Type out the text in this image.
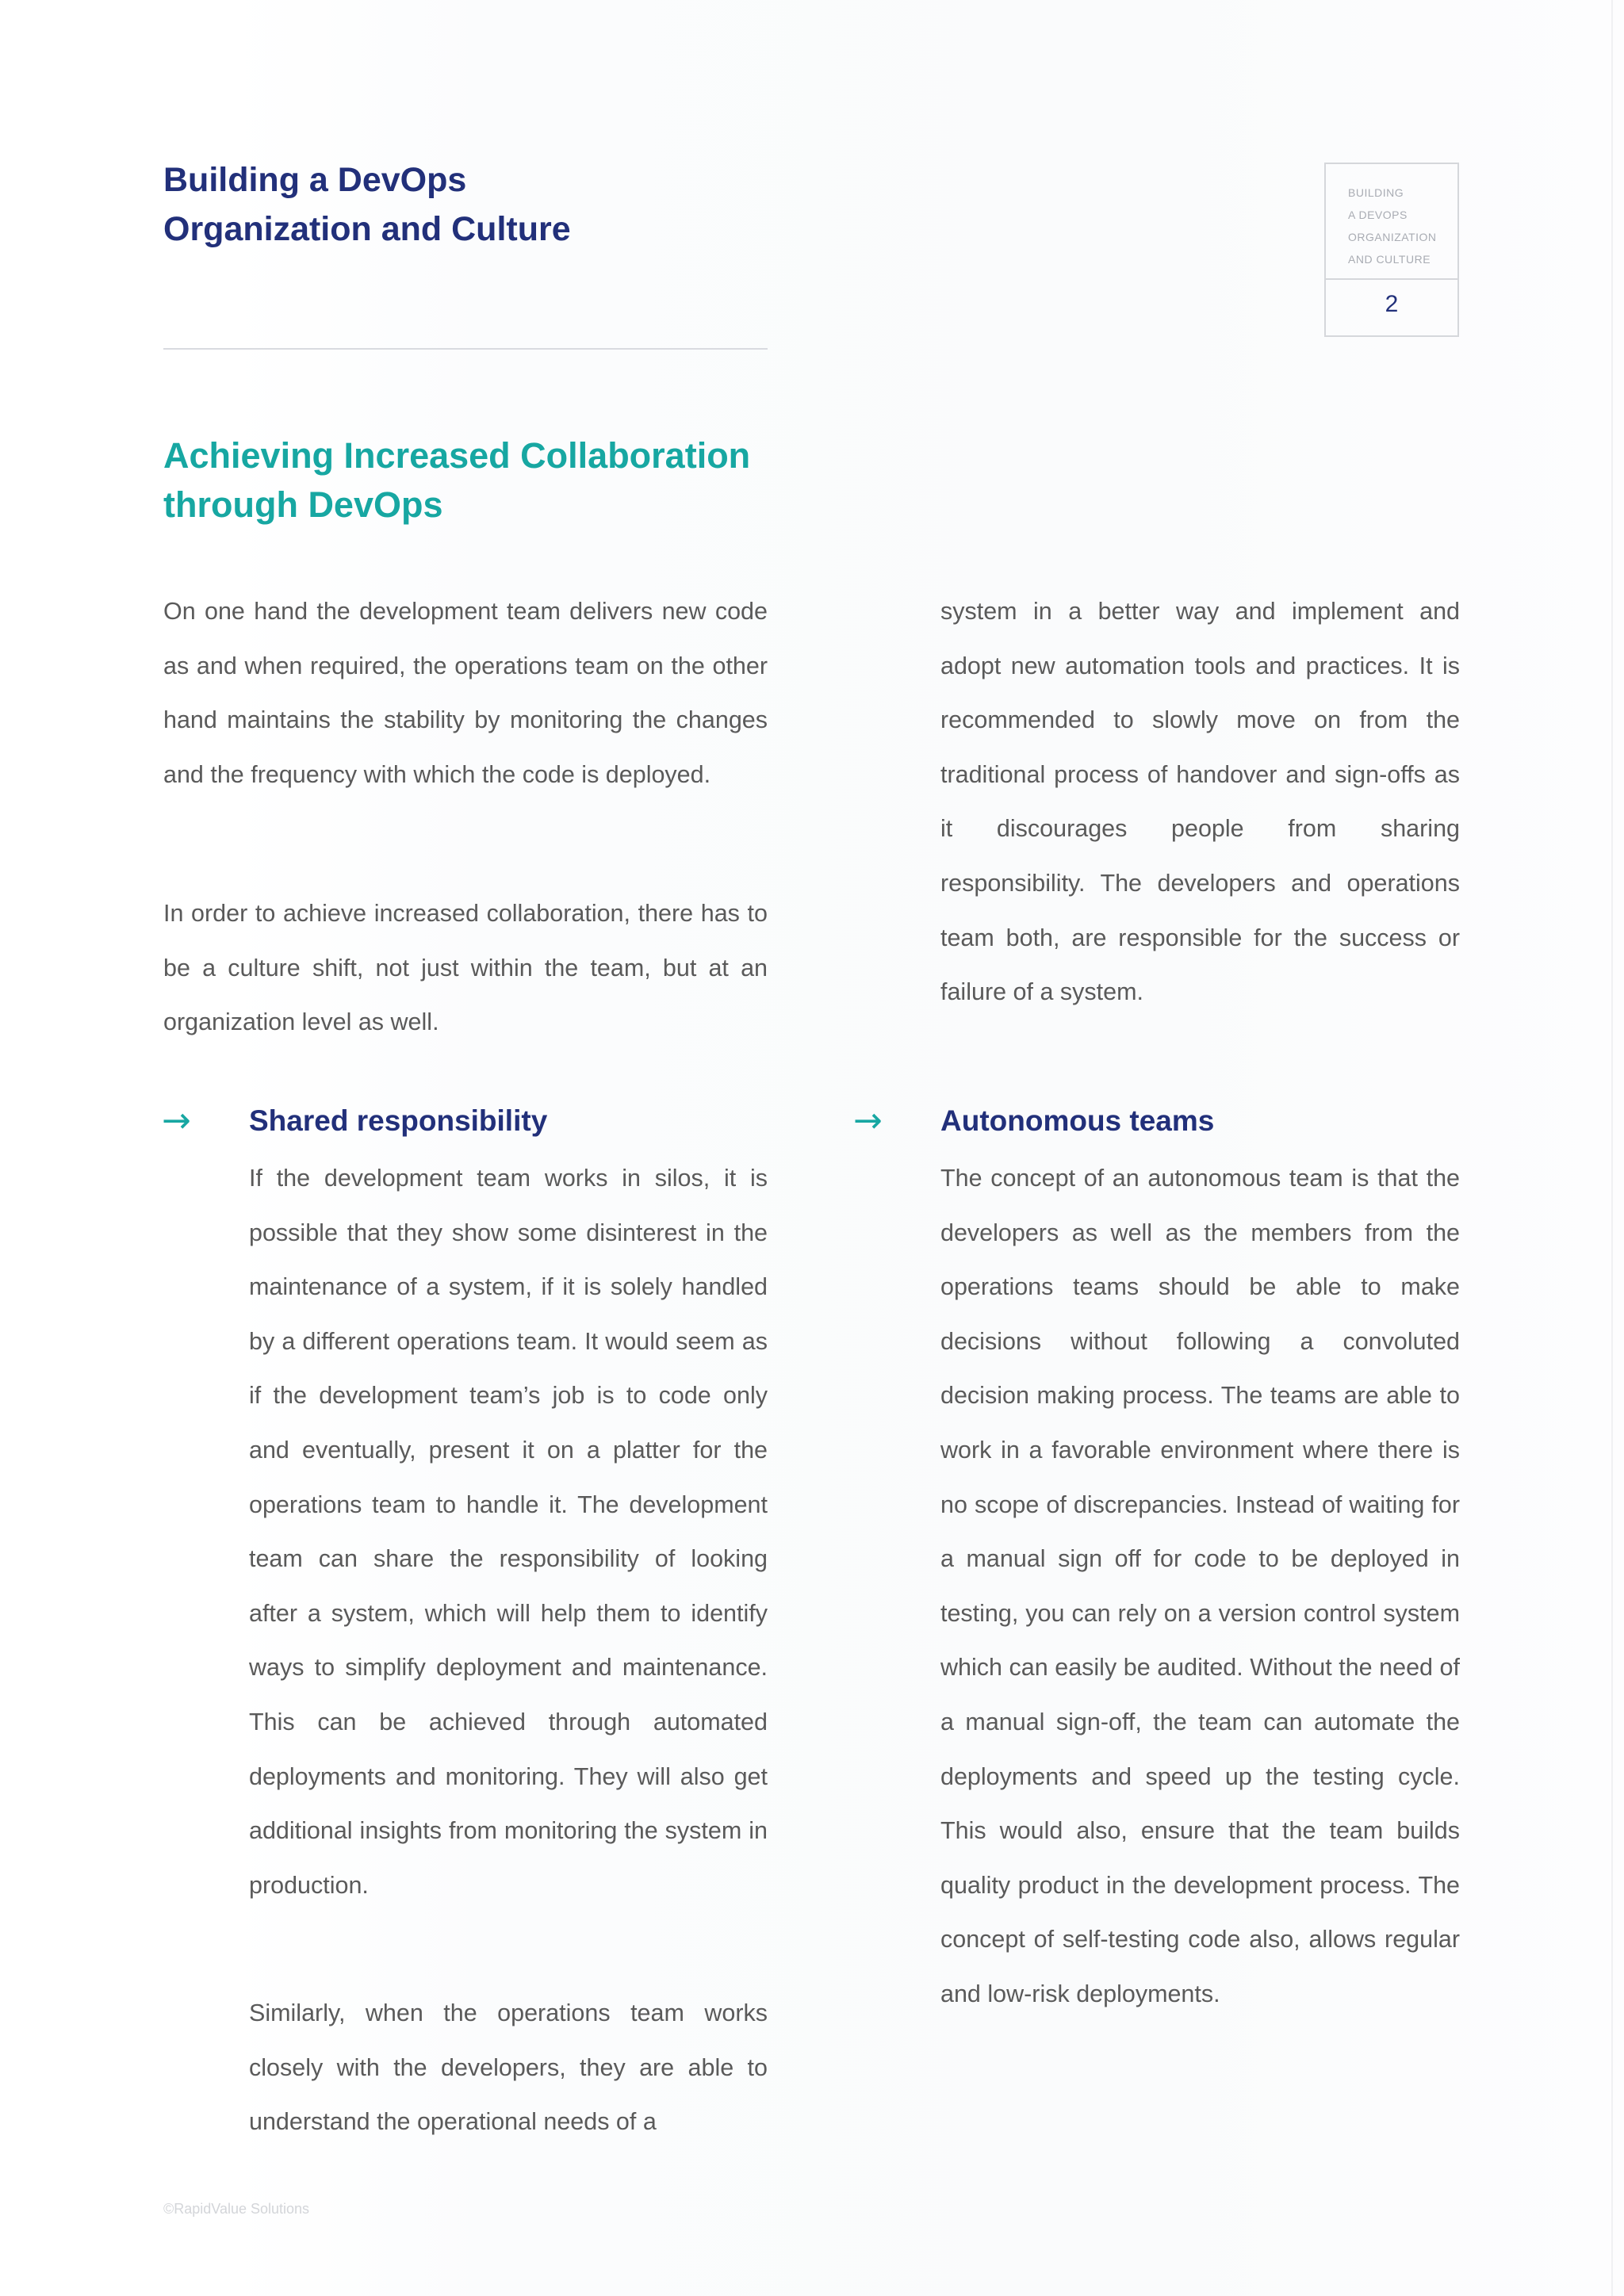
Building a DevOps
Organization and Culture
BUILDING
A DEVOPS
ORGANIZATION
AND CULTURE
2
Achieving Increased Collaboration
through DevOps

On one hand the development team delivers new code as and when required, the operations team on the other hand maintains the stability by monitoring the changes and the frequency with which the code is deployed.

In order to achieve increased collaboration, there has to be a culture shift, not just within the team, but at an organization level as well.

system in a better way and implement and adopt new automation tools and practices. It is recommended to slowly move on from the traditional process of handover and sign-offs as it discourages people from sharing responsibility. The developers and operations team both, are responsible for the success or failure of a system.

→ Shared responsibility

If the development team works in silos, it is possible that they show some disinterest in the maintenance of a system, if it is solely handled by a different operations team. It would seem as if the development team’s job is to code only and eventually, present it on a platter for the operations team to handle it. The development team can share the responsibility of looking after a system, which will help them to identify ways to simplify deployment and maintenance. This can be achieved through automated deployments and monitoring. They will also get additional insights from monitoring the system in production.

Similarly, when the operations team works closely with the developers, they are able to understand the operational needs of a

→ Autonomous teams

The concept of an autonomous team is that the developers as well as the members from the operations teams should be able to make decisions without following a convoluted decision making process. The teams are able to work in a favorable environment where there is no scope of discrepancies. Instead of waiting for a manual sign off for code to be deployed in testing, you can rely on a version control system which can easily be audited. Without the need of a manual sign-off, the team can automate the deployments and speed up the testing cycle. This would also, ensure that the team builds quality product in the development process. The concept of self-testing code also, allows regular and low-risk deployments.

©RapidValue Solutions
